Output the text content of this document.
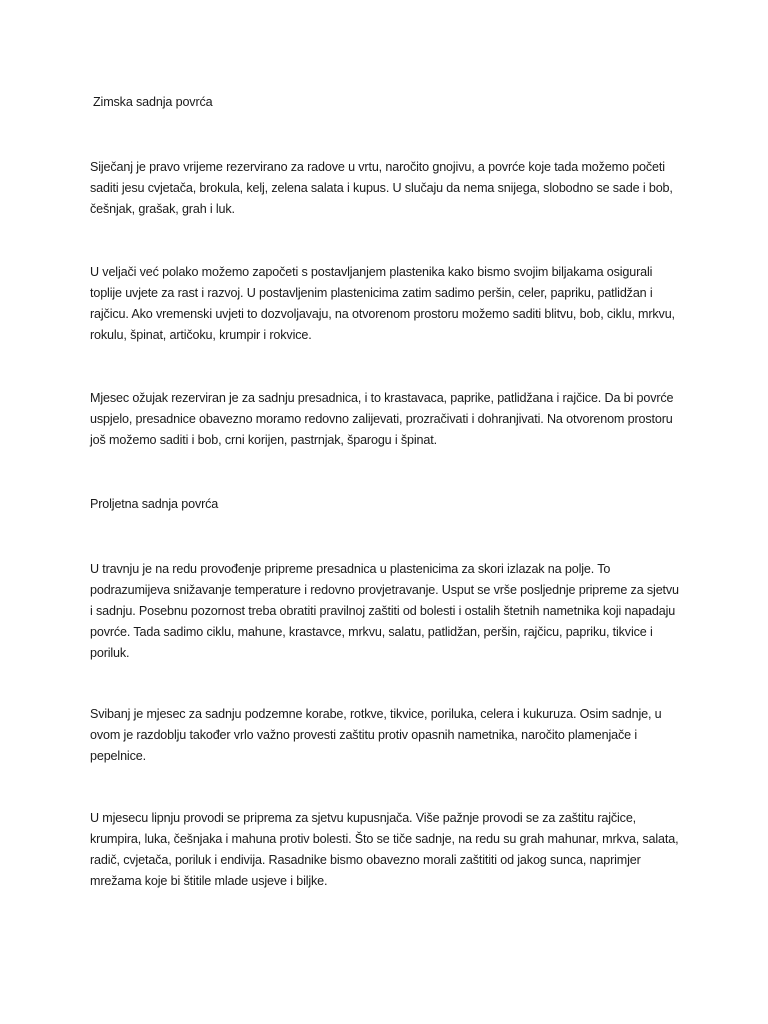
Zimska sadnja povrća

Siječanj je pravo vrijeme rezervirano za radove u vrtu, naročito gnojivu, a povrće koje tada možemo početi saditi jesu cvjetača, brokula, kelj, zelena salata i kupus. U slučaju da nema snijega, slobodno se sade i bob, češnjak, grašak, grah i luk.

U veljači već polako možemo započeti s postavljanjem plastenika kako bismo svojim biljakama osigurali toplije uvjete za rast i razvoj. U postavljenim plastenicima zatim sadimo peršin, celer, papriku, patlidžan i rajčicu. Ako vremenski uvjeti to dozvoljavaju, na otvorenom prostoru možemo saditi blitvu, bob, ciklu, mrkvu, rokulu, špinat, artičoku, krumpir i rokvice.

Mjesec ožujak rezerviran je za sadnju presadnica, i to krastavaca, paprike, patlidžana i rajčice. Da bi povrće uspjelo, presadnice obavezno moramo redovno zalijevati, prozračivati i dohranjivati. Na otvorenom prostoru još možemo saditi i bob, crni korijen, pastrnjak, šparogu i špinat.

Proljetna sadnja povrća

U travnju je na redu provođenje pripreme presadnica u plastenicima za skori izlazak na polje. To podrazumijeva snižavanje temperature i redovno provjetravanje. Usput se vrše posljednje pripreme za sjetvu i sadnju. Posebnu pozornost treba obratiti pravilnoj zaštiti od bolesti i ostalih štetnih nametnika koji napadaju povrće. Tada sadimo ciklu, mahune, krastavce, mrkvu, salatu, patlidžan, peršin, rajčicu, papriku, tikvice i poriluk.

Svibanj je mjesec za sadnju podzemne korabe, rotkve, tikvice, poriluka, celera i kukuruza. Osim sadnje, u ovom je razdoblju također vrlo važno provesti zaštitu protiv opasnih nametnika, naročito plamenjače i pepelnice.

U mjesecu lipnju provodi se priprema za sjetvu kupusnjača. Više pažnje provodi se za zaštitu rajčice, krumpira, luka, češnjaka i mahuna protiv bolesti. Što se tiče sadnje, na redu su grah mahunar, mrkva, salata, radič, cvjetača, poriluk i endivija. Rasadnike bismo obavezno morali zaštititi od jakog sunca, naprimjer mrežama koje bi štitile mlade usjeve i biljke.
